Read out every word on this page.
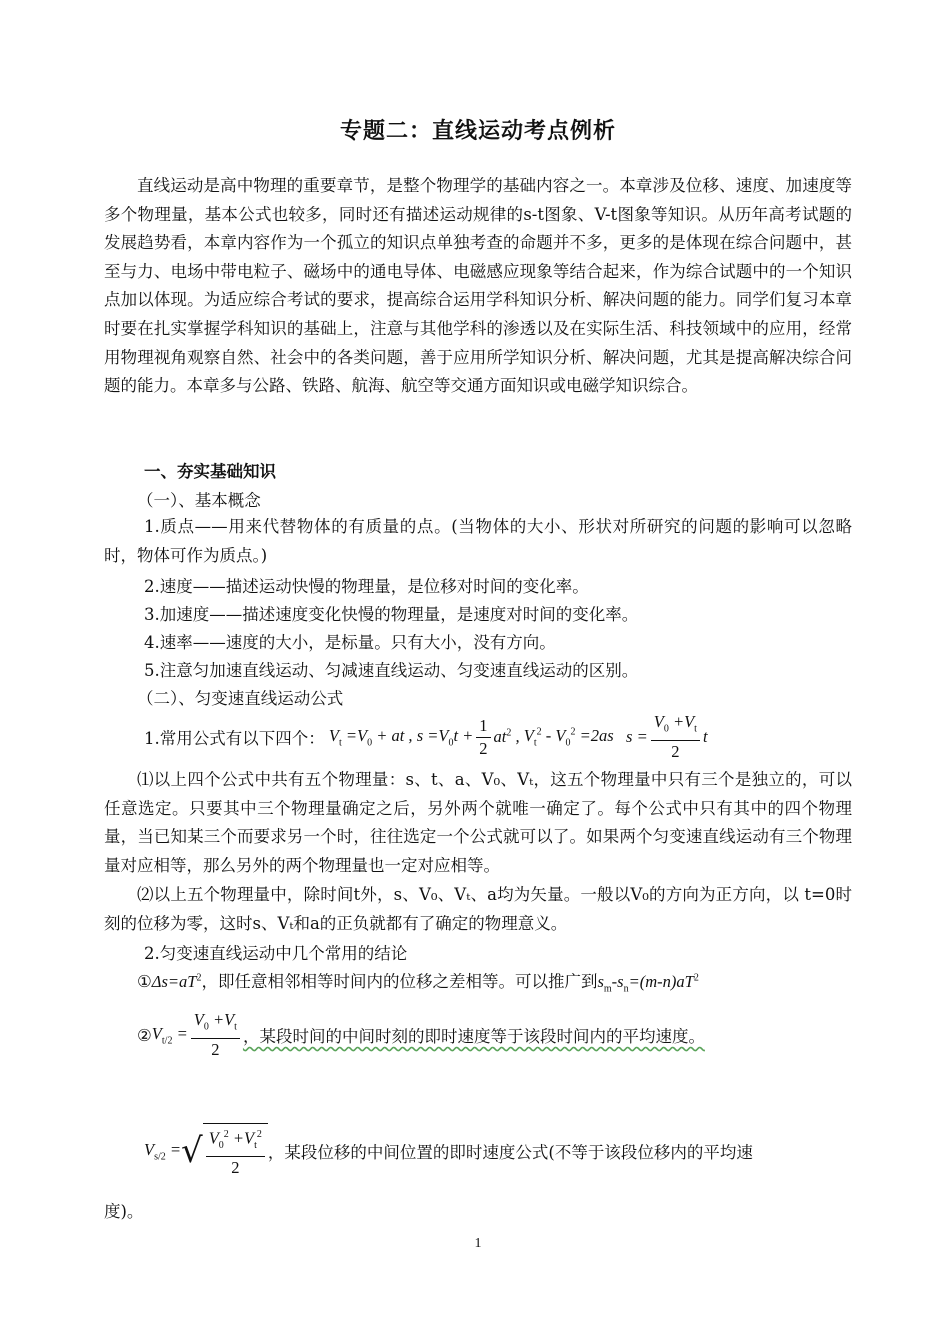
专题二：直线运动考点例析
直线运动是高中物理的重要章节，是整个物理学的基础内容之一。本章涉及位移、速度、加速度等多个物理量，基本公式也较多，同时还有描述运动规律的s-t图象、V-t图象等知识。从历年高考试题的发展趋势看，本章内容作为一个孤立的知识点单独考查的命题并不多，更多的是体现在综合问题中，甚至与力、电场中带电粒子、磁场中的通电导体、电磁感应现象等结合起来，作为综合试题中的一个知识点加以体现。为适应综合考试的要求，提高综合运用学科知识分析、解决问题的能力。同学们复习本章时要在扎实掌握学科知识的基础上，注意与其他学科的渗透以及在实际生活、科技领域中的应用，经常用物理视角观察自然、社会中的各类问题，善于应用所学知识分析、解决问题，尤其是提高解决综合问题的能力。本章多与公路、铁路、航海、航空等交通方面知识或电磁学知识综合。
一、夯实基础知识
（一）、基本概念
1.质点——用来代替物体的有质量的点。(当物体的大小、形状对所研究的问题的影响可以忽略时，物体可作为质点。)
2.速度——描述运动快慢的物理量，是位移对时间的变化率。
3.加速度——描述速度变化快慢的物理量，是速度对时间的变化率。
4.速率——速度的大小，是标量。只有大小，没有方向。
5.注意匀加速直线运动、匀减速直线运动、匀变速直线运动的区别。
（二）、匀变速直线运动公式
1.常用公式有以下四个： $V_t =V_0$ + at , $s =V_0t + \frac{1}{2} at^2$ , $V_t^2 - V_0^2 =2as$ $s = \frac{V_0 +V_t}{2}$ t
⑴以上四个公式中共有五个物理量：s、t、a、V₀、Vₜ，这五个物理量中只有三个是独立的，可以任意选定。只要其中三个物理量确定之后，另外两个就唯一确定了。每个公式中只有其中的四个物理量，当已知某三个而要求另一个时，往往选定一个公式就可以了。如果两个匀变速直线运动有三个物理量对应相等，那么另外的两个物理量也一定对应相等。
⑵以上五个物理量中，除时间t外，s、V₀、Vₜ、a均为矢量。一般以V₀的方向为正方向，以 t=0时刻的位移为零，这时s、Vₜ和a的正负就都有了确定的物理意义。
2.匀变速直线运动中几个常用的结论
$①\Delta s=aT^2$，即任意相邻相等时间内的位移之差相等。可以推广到$s_m-s_n=(m-n)aT^2$
② $V_{t/2} = \frac{V_0 +V_t}{2}$ ，某段时间的中间时刻的即时速度等于该段时间内的平均速度。
$V_{s/2}$ = √ $\frac{V_0^2 +V_t^2}{2}$ ，某段位移的中间位置的即时速度公式(不等于该段位移内的平均速
度)。
1
